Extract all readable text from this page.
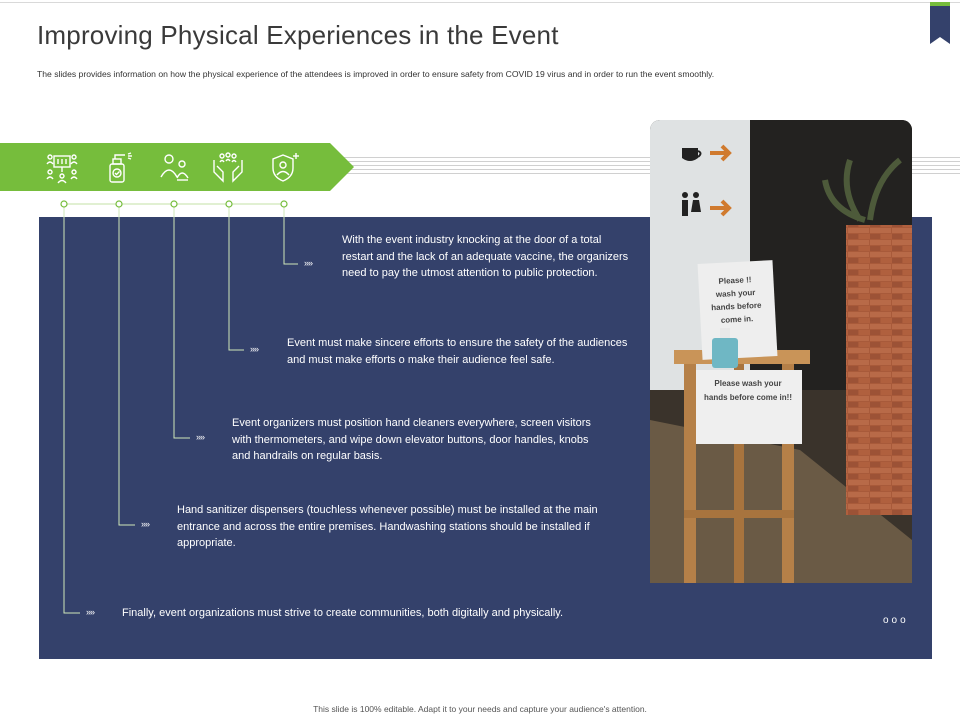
Improving Physical Experiences in the Event
The slides provides information on how the physical experience of the attendees is improved in order to ensure safety from COVID 19 virus and in order to run the event smoothly.
Please !! wash your hands before come in.
Please wash your hands before come in!!
»»
»»
»»
»»
»»
With the event industry knocking at the door of a total restart and the lack of an adequate vaccine, the organizers need to pay the utmost attention to public protection.
Event must make sincere efforts to ensure the safety of the audiences and must make efforts o make their audience feel safe.
Event organizers must position hand cleaners everywhere, screen visitors with thermometers, and wipe down elevator buttons, door handles, knobs and handrails on regular basis.
Hand sanitizer dispensers (touchless whenever possible) must be installed at the main entrance and across the entire premises. Handwashing stations should be installed if appropriate.
Finally, event organizations must strive to create communities, both digitally and physically.
ooo
This slide is 100% editable. Adapt it to your needs and capture your audience's attention.
